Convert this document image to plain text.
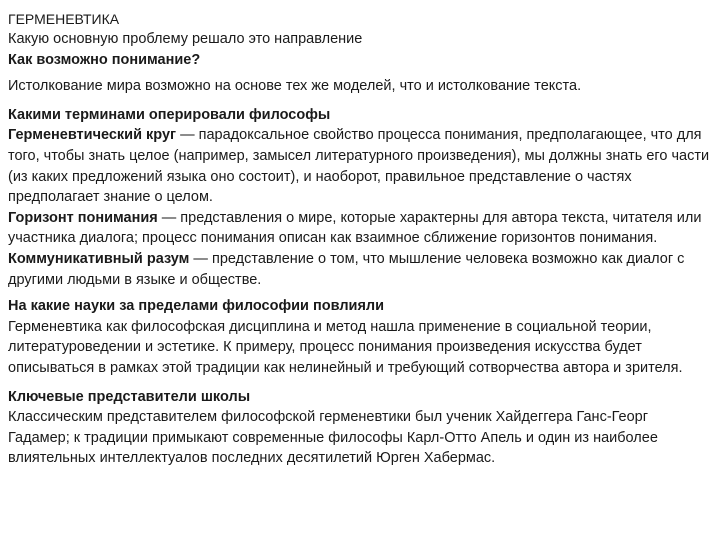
ГЕРМЕНЕВТИКА
Какую основную проблему решало это направление
Как возможно понимание?
Истолкование мира возможно на основе тех же моделей, что и истолкование текста.
Какими терминами оперировали философы
Герменевтический круг — парадоксальное свойство процесса понимания, предполагающее, что для того, чтобы знать целое (например, замысел литературного произведения), мы должны знать его части (из каких предложений языка оно состоит), и наоборот, правильное представление о частях предполагает знание о целом.
Горизонт понимания — представления о мире, которые характерны для автора текста, читателя или участника диалога; процесс понимания описан как взаимное сближение горизонтов понимания.
Коммуникативный разум — представление о том, что мышление человека возможно как диалог с другими людьми в языке и обществе.
На какие науки за пределами философии повлияли
Герменевтика как философская дисциплина и метод нашла применение в социальной теории, литературоведении и эстетике. К примеру, процесс понимания произведения искусства будет описываться в рамках этой традиции как нелинейный и требующий сотворчества автора и зрителя.
Ключевые представители школы
Классическим представителем философской герменевтики был ученик Хайдеггера Ганс-Георг Гадамер; к традиции примыкают современные философы Карл-Отто Апель и один из наиболее влиятельных интеллектуалов последних десятилетий Юрген Хабермас.
